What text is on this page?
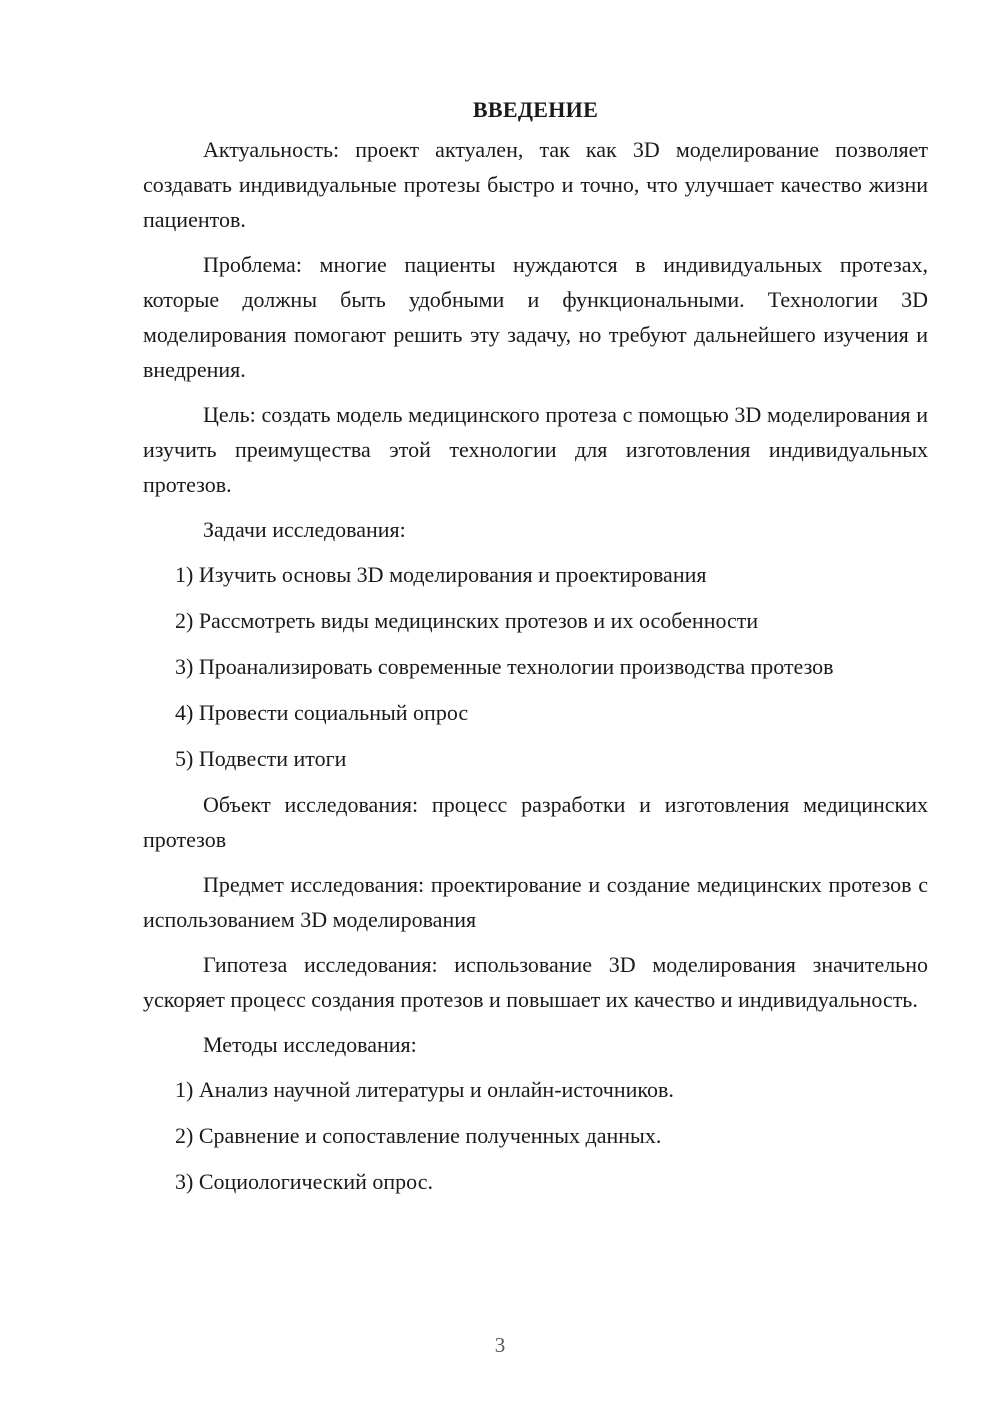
ВВЕДЕНИЕ

Актуальность: проект актуален, так как 3D моделирование позволяет создавать индивидуальные протезы быстро и точно, что улучшает качество жизни пациентов.

Проблема: многие пациенты нуждаются в индивидуальных протезах, которые должны быть удобными и функциональными. Технологии 3D моделирования помогают решить эту задачу, но требуют дальнейшего изучения и внедрения.

Цель: создать модель медицинского протеза с помощью 3D моделирования и изучить преимущества этой технологии для изготовления индивидуальных протезов.

Задачи исследования:
1) Изучить основы 3D моделирования и проектирования
2) Рассмотреть виды медицинских протезов и их особенности
3) Проанализировать современные технологии производства протезов
4) Провести социальный опрос
5) Подвести итоги

Объект исследования: процесс разработки и изготовления медицинских протезов

Предмет исследования: проектирование и создание медицинских протезов с использованием 3D моделирования

Гипотеза исследования: использование 3D моделирования значительно ускоряет процесс создания протезов и повышает их качество и индивидуальность.

Методы исследования:
1) Анализ научной литературы и онлайн-источников.
2) Сравнение и сопоставление полученных данных.
3) Социологический опрос.
3
